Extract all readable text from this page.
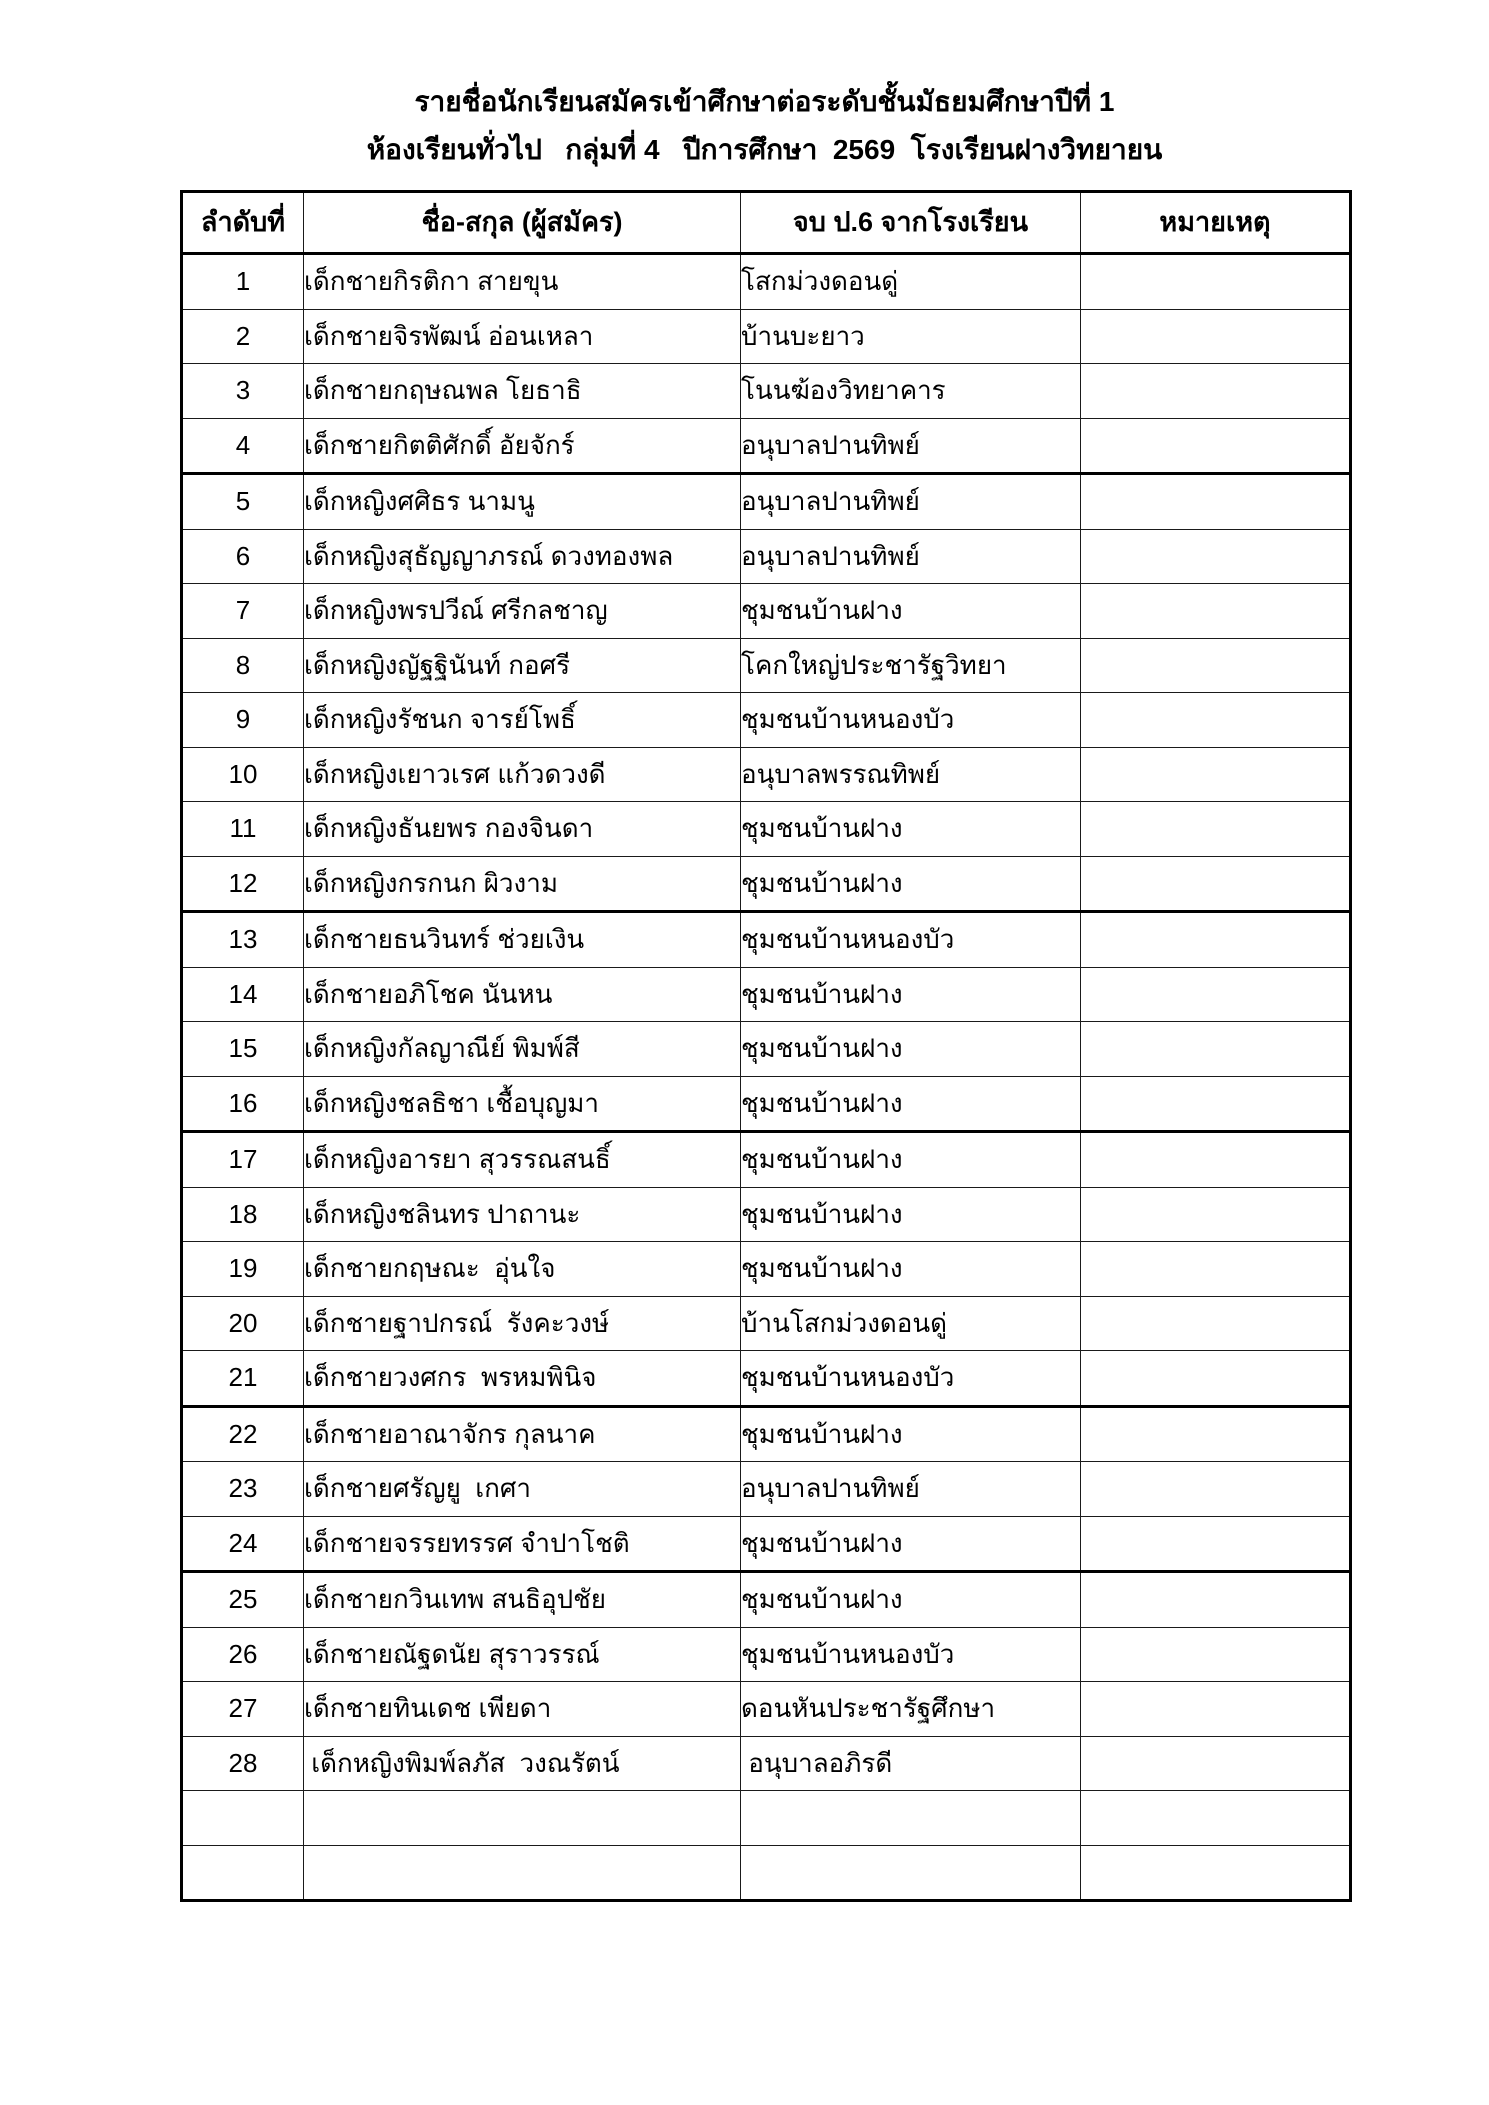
รายชื่อนักเรียนสมัครเข้าศึกษาต่อระดับชั้นมัธยมศึกษาปีที่ 1
ห้องเรียนทั่วไป   กลุ่มที่ 4   ปีการศึกษา  2569  โรงเรียนฝางวิทยายน
ลำดับที่	ชื่อ-สกุล (ผู้สมัคร)	จบ ป.6 จากโรงเรียน	หมายเหตุ
1	เด็กชายกิรติกา สายขุน	โสกม่วงดอนดู่	
2	เด็กชายจิรพัฒน์ อ่อนเหลา	บ้านบะยาว	
3	เด็กชายกฤษณพล โยธาธิ	โนนฆ้องวิทยาคาร	
4	เด็กชายกิตติศักดิ์ อัยจักร์	อนุบาลปานทิพย์	
5	เด็กหญิงศศิธร นามนู	อนุบาลปานทิพย์	
6	เด็กหญิงสุธัญญาภรณ์ ดวงทองพล	อนุบาลปานทิพย์	
7	เด็กหญิงพรปวีณ์ ศรีกลชาญ	ชุมชนบ้านฝาง	
8	เด็กหญิงญัฐฐินันท์ กอศรี	โคกใหญ่ประชารัฐวิทยา	
9	เด็กหญิงรัชนก จารย์โพธิ์	ชุมชนบ้านหนองบัว	
10	เด็กหญิงเยาวเรศ แก้วดวงดี	อนุบาลพรรณทิพย์	
11	เด็กหญิงธันยพร กองจินดา	ชุมชนบ้านฝาง	
12	เด็กหญิงกรกนก ผิวงาม	ชุมชนบ้านฝาง	
13	เด็กชายธนวินทร์ ช่วยเงิน	ชุมชนบ้านหนองบัว	
14	เด็กชายอภิโชค นันหน	ชุมชนบ้านฝาง	
15	เด็กหญิงกัลญาณีย์ พิมพ์สี	ชุมชนบ้านฝาง	
16	เด็กหญิงชลธิชา เชื้อบุญมา	ชุมชนบ้านฝาง	
17	เด็กหญิงอารยา สุวรรณสนธิ์	ชุมชนบ้านฝาง	
18	เด็กหญิงชลินทร ปาถานะ	ชุมชนบ้านฝาง	
19	เด็กชายกฤษณะ  อุ่นใจ	ชุมชนบ้านฝาง	
20	เด็กชายฐาปกรณ์  รังคะวงษ์	บ้านโสกม่วงดอนดู่	
21	เด็กชายวงศกร  พรหมพินิจ	ชุมชนบ้านหนองบัว	
22	เด็กชายอาณาจักร กุลนาค	ชุมชนบ้านฝาง	
23	เด็กชายศรัญยู  เกศา	อนุบาลปานทิพย์	
24	เด็กชายจรรยทรรศ จำปาโชติ	ชุมชนบ้านฝาง	
25	เด็กชายกวินเทพ สนธิอุปชัย	ชุมชนบ้านฝาง	
26	เด็กชายณัฐดนัย สุราวรรณ์	ชุมชนบ้านหนองบัว	
27	เด็กชายทินเดช เพียดา	ดอนหันประชารัฐศึกษา	
28	เด็กหญิงพิมพ์ลภัส  วงณรัตน์	อนุบาลอภิรดี	
